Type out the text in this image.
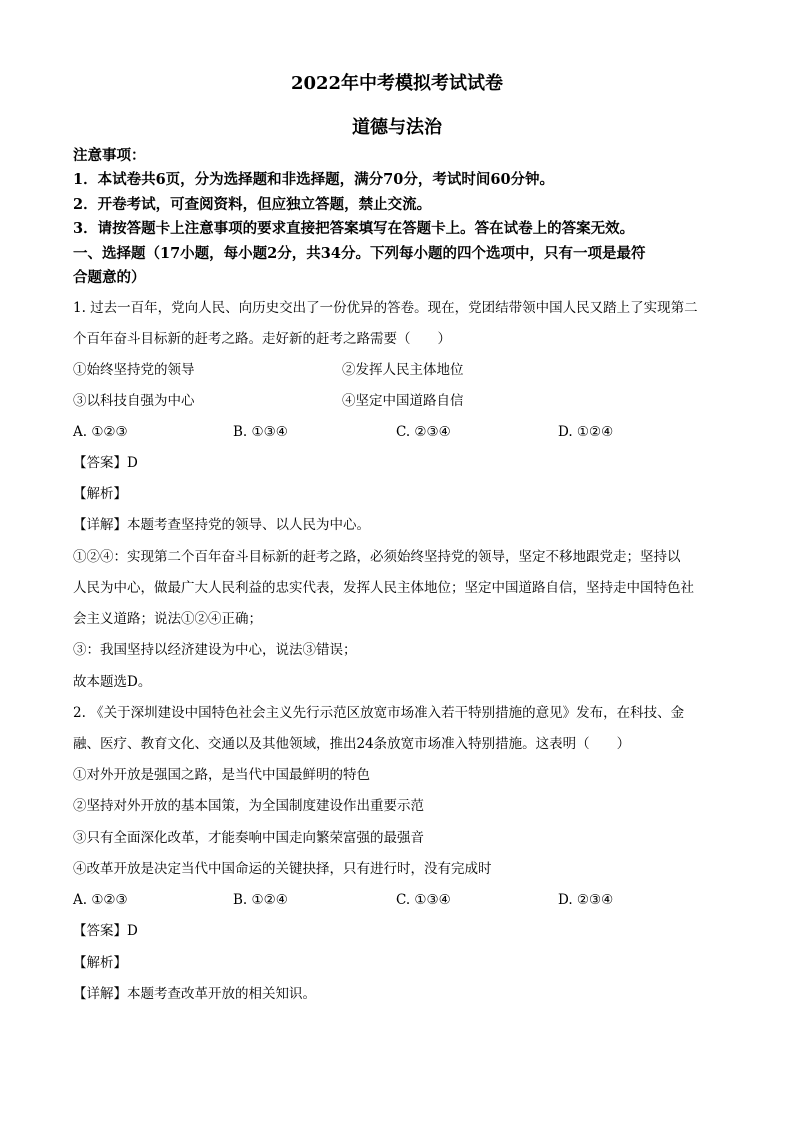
2022年中考模拟考试试卷
道德与法治
注意事项：
1．本试卷共6页，分为选择题和非选择题，满分70分，考试时间60分钟。
2．开卷考试，可查阅资料，但应独立答题，禁止交流。
3．请按答题卡上注意事项的要求直接把答案填写在答题卡上。答在试卷上的答案无效。
一、选择题（17小题，每小题2分，共34分。下列每小题的四个选项中，只有一项是最符
合题意的）
1. 过去一百年，党向人民、向历史交出了一份优异的答卷。现在，党团结带领中国人民又踏上了实现第二
个百年奋斗目标新的赶考之路。走好新的赶考之路需要（　　）
①始终坚持党的领导	②发挥人民主体地位
③以科技自强为中心	④坚定中国道路自信
A. ①②③	B. ①③④	C. ②③④	D. ①②④
【答案】D
【解析】
【详解】本题考查坚持党的领导、以人民为中心。
①②④：实现第二个百年奋斗目标新的赶考之路，必须始终坚持党的领导，坚定不移地跟党走；坚持以
人民为中心，做最广大人民利益的忠实代表，发挥人民主体地位；坚定中国道路自信，坚持走中国特色社
会主义道路；说法①②④正确；
③：我国坚持以经济建设为中心，说法③错误；
故本题选D。
2. 《关于深圳建设中国特色社会主义先行示范区放宽市场准入若干特别措施的意见》发布，在科技、金
融、医疗、教育文化、交通以及其他领域，推出24条放宽市场准入特别措施。这表明（　　）
①对外开放是强国之路，是当代中国最鲜明的特色
②坚持对外开放的基本国策，为全国制度建设作出重要示范
③只有全面深化改革，才能奏响中国走向繁荣富强的最强音
④改革开放是决定当代中国命运的关键抉择，只有进行时，没有完成时
A. ①②③	B. ①②④	C. ①③④	D. ②③④
【答案】D
【解析】
【详解】本题考查改革开放的相关知识。
